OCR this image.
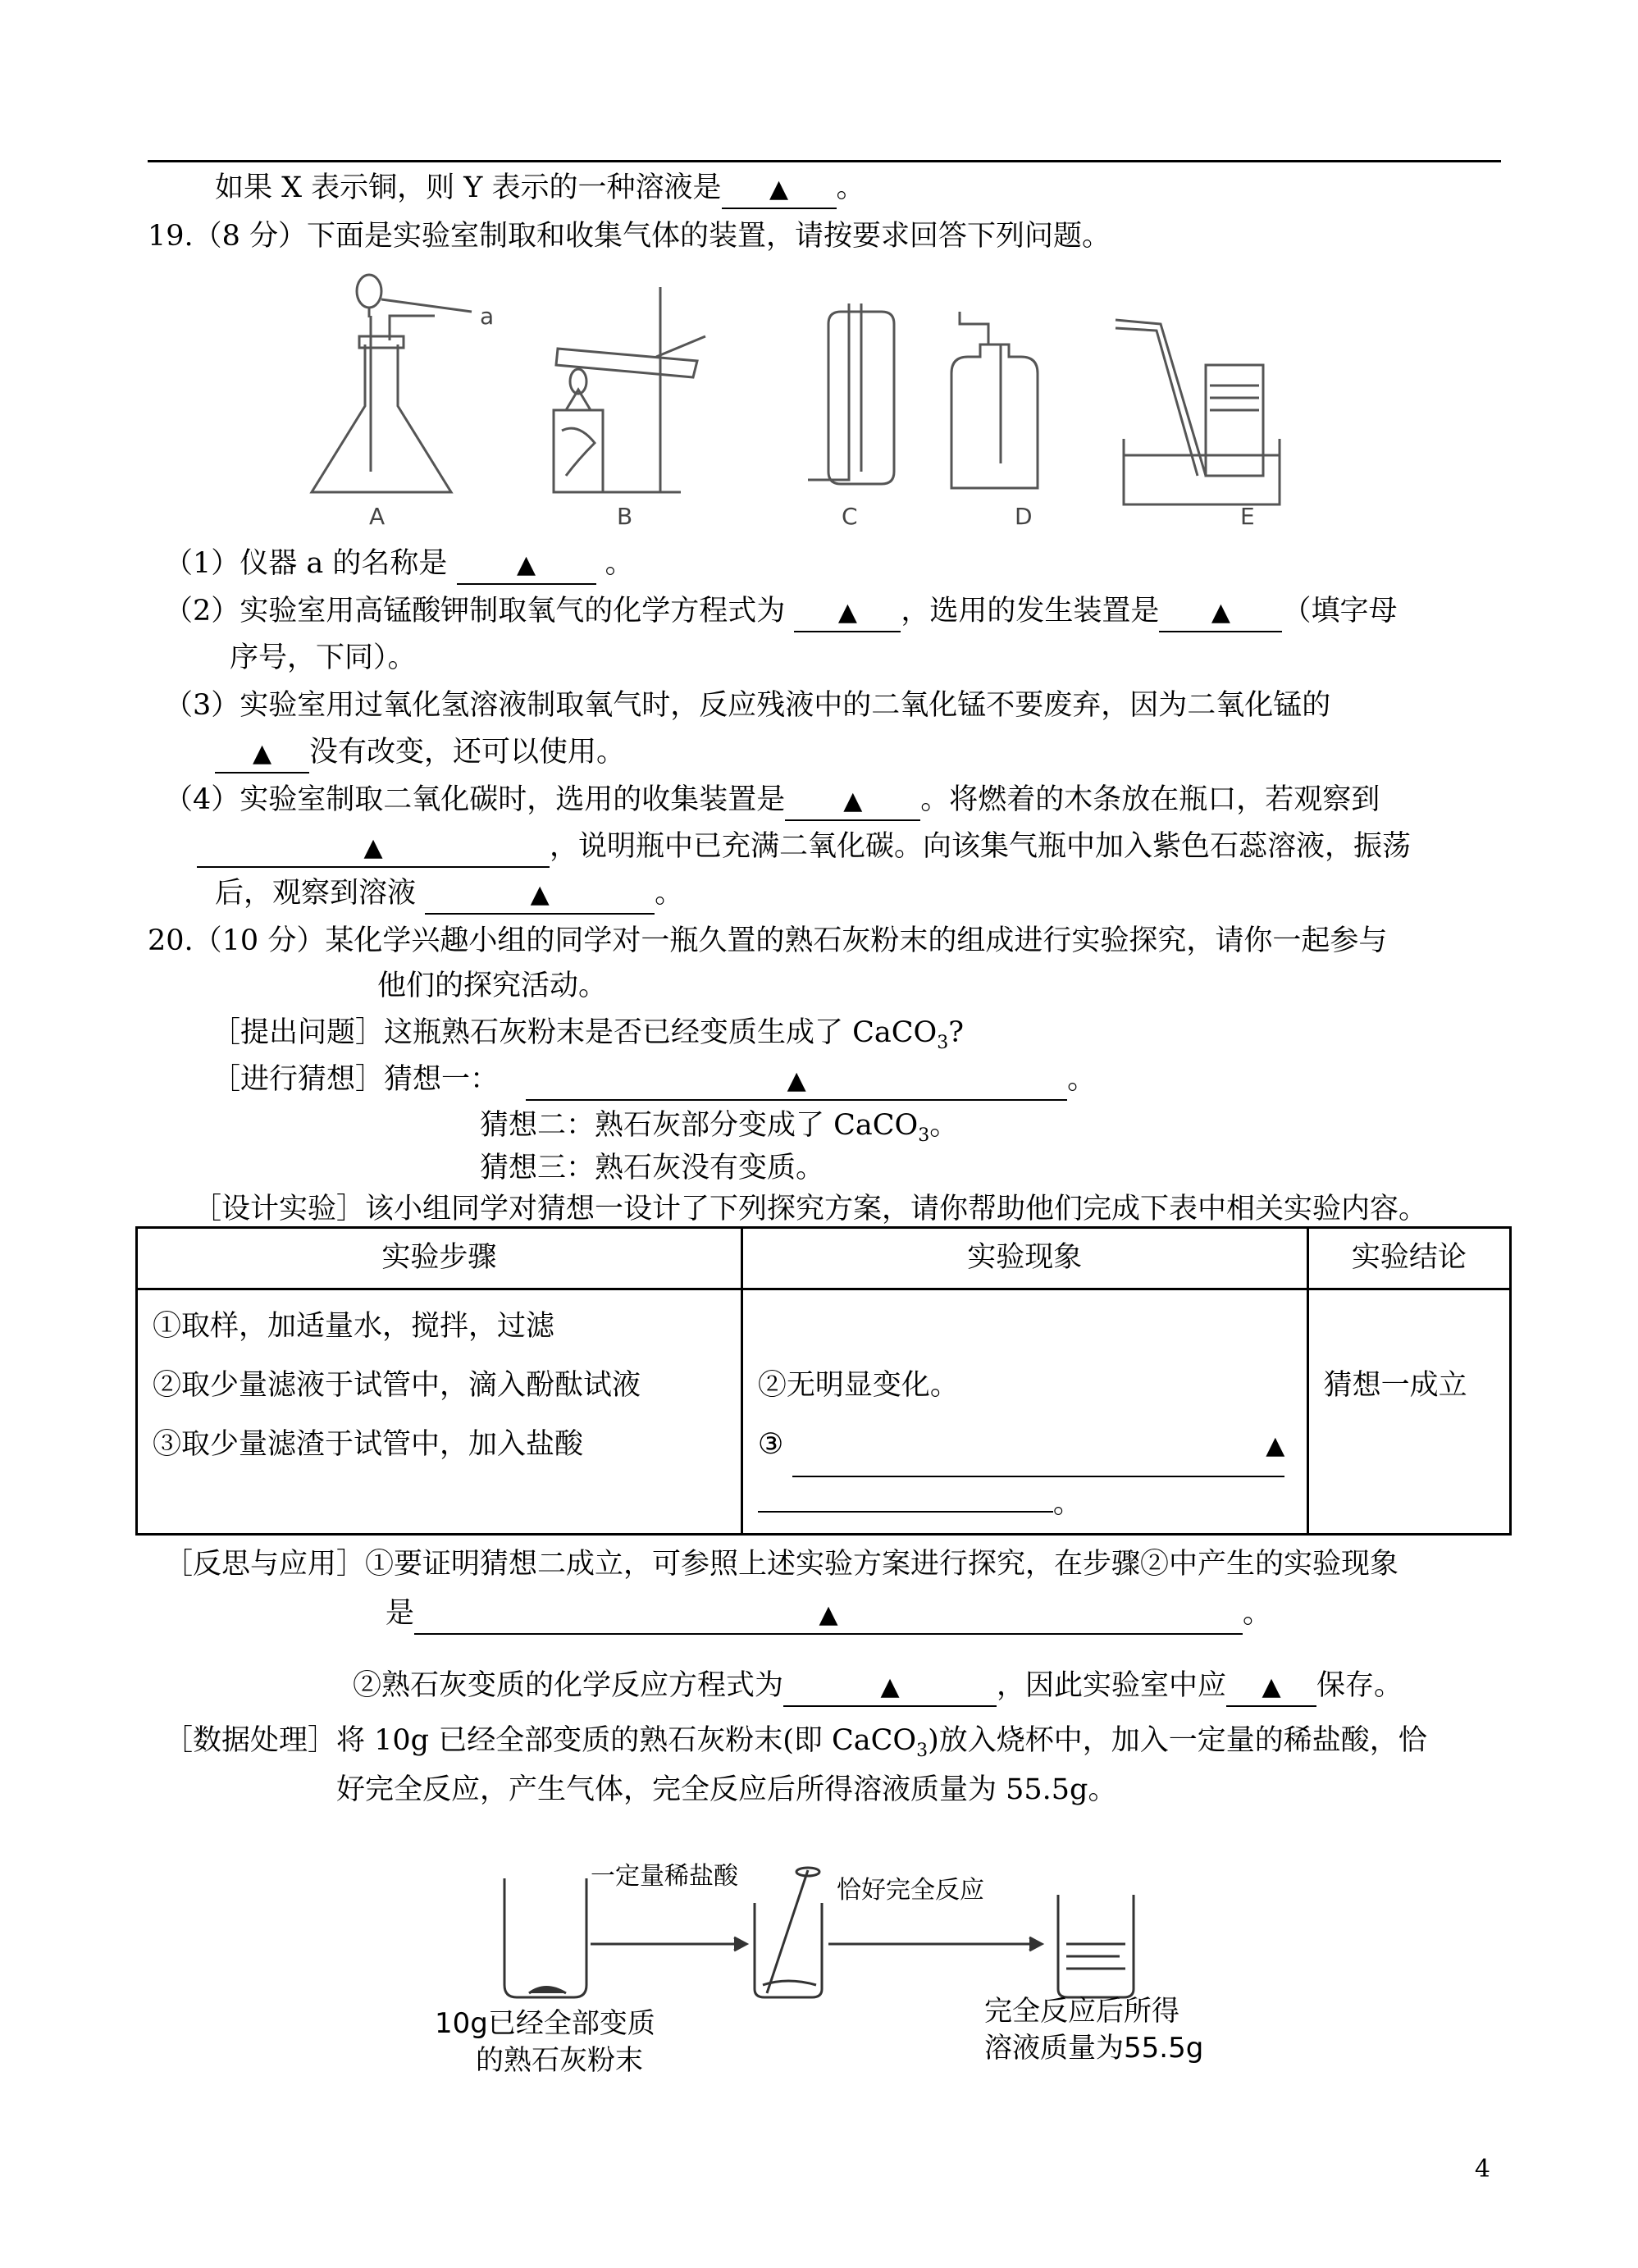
如果 X 表示铜，则 Y 表示的一种溶液是 ▲ 。
19.（8 分）下面是实验室制取和收集气体的装置，请按要求回答下列问题。
a
A	B	C	D	E
（1）仪器 a 的名称是	▲ 。
（2）实验室用高锰酸钾制取氧气的化学方程式为 ▲ ，选用的发生装置是 ▲ （填字母
序号，下同）。
（3）实验室用过氧化氢溶液制取氧气时，反应残液中的二氧化锰不要废弃，因为二氧化锰的
▲ 没有改变，还可以使用。
（4）实验室制取二氧化碳时，选用的收集装置是 ▲ 。将燃着的木条放在瓶口，若观察到
▲	，说明瓶中已充满二氧化碳。向该集气瓶中加入紫色石蕊溶液，振荡
后，观察到溶液	▲	。
20.（10 分）某化学兴趣小组的同学对一瓶久置的熟石灰粉末的组成进行实验探究，请你一起参与
他们的探究活动。
［提出问题］这瓶熟石灰粉末是否已经变质生成了 CaCO$_3$?
［进行猜想］猜想一：	▲	。
猜想二：熟石灰部分变成了 CaCO$_3$。
猜想三：熟石灰没有变质。
［设计实验］该小组同学对猜想一设计了下列探究方案，请你帮助他们完成下表中相关实验内容。
实验步骤	实验现象	实验结论

①取样，加适量水，搅拌，过滤
②取少量滤液于试管中，滴入酚酞试液
③取少量滤渣于试管中，加入盐酸	②无明显变化。
③ ▲
。	猜想一成立
［反思与应用］①要证明猜想二成立，可参照上述实验方案进行探究，在步骤②中产生的实验现象
是	▲	。
②熟石灰变质的化学反应方程式为	▲	，因此实验室中应 ▲ 保存。
［数据处理］将 10g 已经全部变质的熟石灰粉末(即 CaCO$_3$)放入烧杯中，加入一定量的稀盐酸，恰
好完全反应，产生气体，完全反应后所得溶液质量为 55.5g。
一定量稀盐酸	恰好完全反应
10g已经全部变质
的熟石灰粉末
完全反应后所得
溶液质量为55.5g
4
